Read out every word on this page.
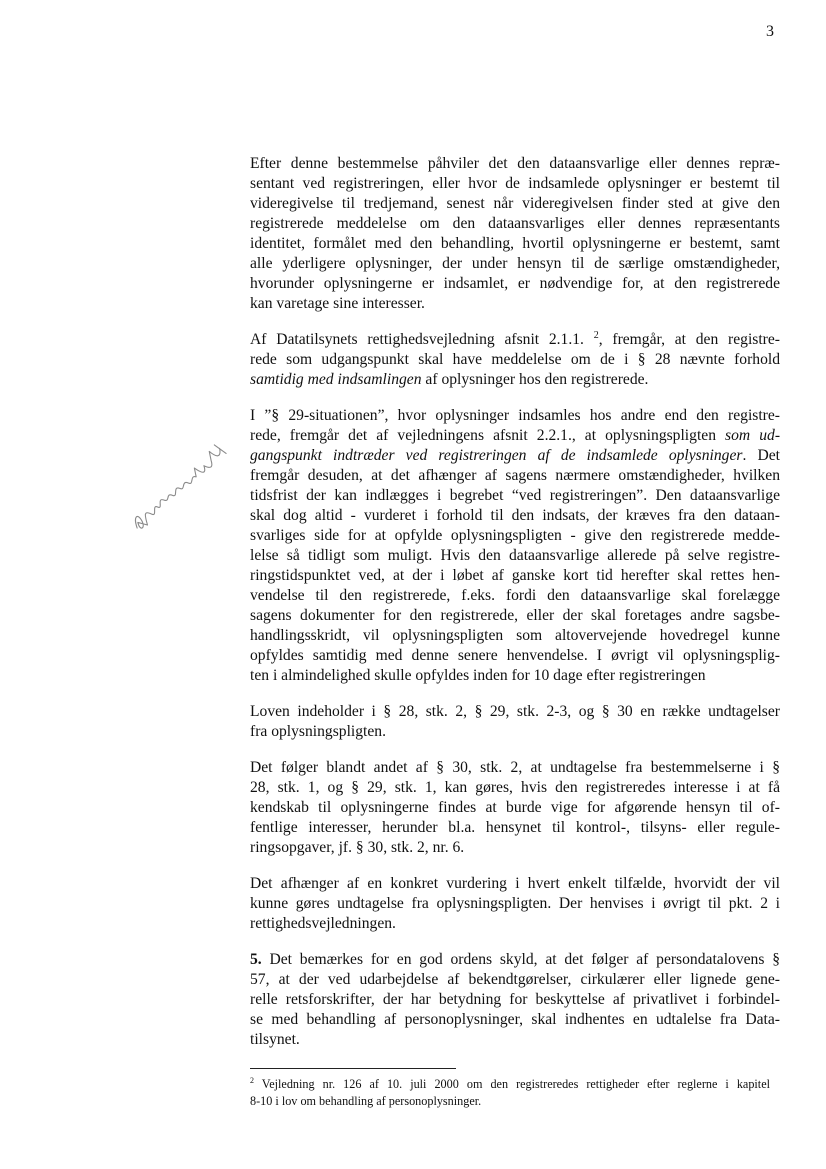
3
Efter denne bestemmelse påhviler det den dataansvarlige eller dennes repræ-
sentant ved registreringen, eller hvor de indsamlede oplysninger er bestemt til
videregivelse til tredjemand, senest når videregivelsen finder sted at give den
registrerede meddelelse om den dataansvarliges eller dennes repræsentants
identitet, formålet med den behandling, hvortil oplysningerne er bestemt, samt
alle yderligere oplysninger, der under hensyn til de særlige omstændigheder,
hvorunder oplysningerne er indsamlet, er nødvendige for, at den registrerede
kan varetage sine interesser.
Af Datatilsynets rettighedsvejledning afsnit 2.1.1. $^2$, fremgår, at den registre-
rede som udgangspunkt skal have meddelelse om de i § 28 nævnte forhold
samtidig med indsamlingen af oplysninger hos den registrerede.
I ”§ 29-situationen”, hvor oplysninger indsamles hos andre end den registre-
rede, fremgår det af vejledningens afsnit 2.2.1., at oplysningspligten som ud-
gangspunkt indtræder ved registreringen af de indsamlede oplysninger. Det
fremgår desuden, at det afhænger af sagens nærmere omstændigheder, hvilken
tidsfrist der kan indlægges i begrebet “ved registreringen”. Den dataansvarlige
skal dog altid - vurderet i forhold til den indsats, der kræves fra den dataan-
svarliges side for at opfylde oplysningspligten - give den registrerede medde-
lelse så tidligt som muligt. Hvis den dataansvarlige allerede på selve registre-
ringstidspunktet ved, at der i løbet af ganske kort tid herefter skal rettes hen-
vendelse til den registrerede, f.eks. fordi den dataansvarlige skal forelægge
sagens dokumenter for den registrerede, eller der skal foretages andre sagsbe-
handlingsskridt, vil oplysningspligten som altovervejende hovedregel kunne
opfyldes samtidig med denne senere henvendelse. I øvrigt vil oplysningsplig-
ten i almindelighed skulle opfyldes inden for 10 dage efter registreringen
Loven indeholder i § 28, stk. 2, § 29, stk. 2-3, og § 30 en række undtagelser
fra oplysningspligten.
Det følger blandt andet af § 30, stk. 2, at undtagelse fra bestemmelserne i §
28, stk. 1, og § 29, stk. 1, kan gøres, hvis den registreredes interesse i at få
kendskab til oplysningerne findes at burde vige for afgørende hensyn til of-
fentlige interesser, herunder bl.a. hensynet til kontrol-, tilsyns- eller regule-
ringsopgaver, jf. § 30, stk. 2, nr. 6.
Det afhænger af en konkret vurdering i hvert enkelt tilfælde, hvorvidt der vil
kunne gøres undtagelse fra oplysningspligten. Der henvises i øvrigt til pkt. 2 i
rettighedsvejledningen.
5. Det bemærkes for en god ordens skyld, at det følger af persondatalovens §
57, at der ved udarbejdelse af bekendtgørelser, cirkulærer eller lignede gene-
relle retsforskrifter, der har betydning for beskyttelse af privatlivet i forbindel-
se med behandling af personoplysninger, skal indhentes en udtalelse fra Data-
tilsynet.
$^2$ Vejledning nr. 126 af 10. juli 2000 om den registreredes rettigheder efter reglerne i kapitel
8-10 i lov om behandling af personoplysninger.
